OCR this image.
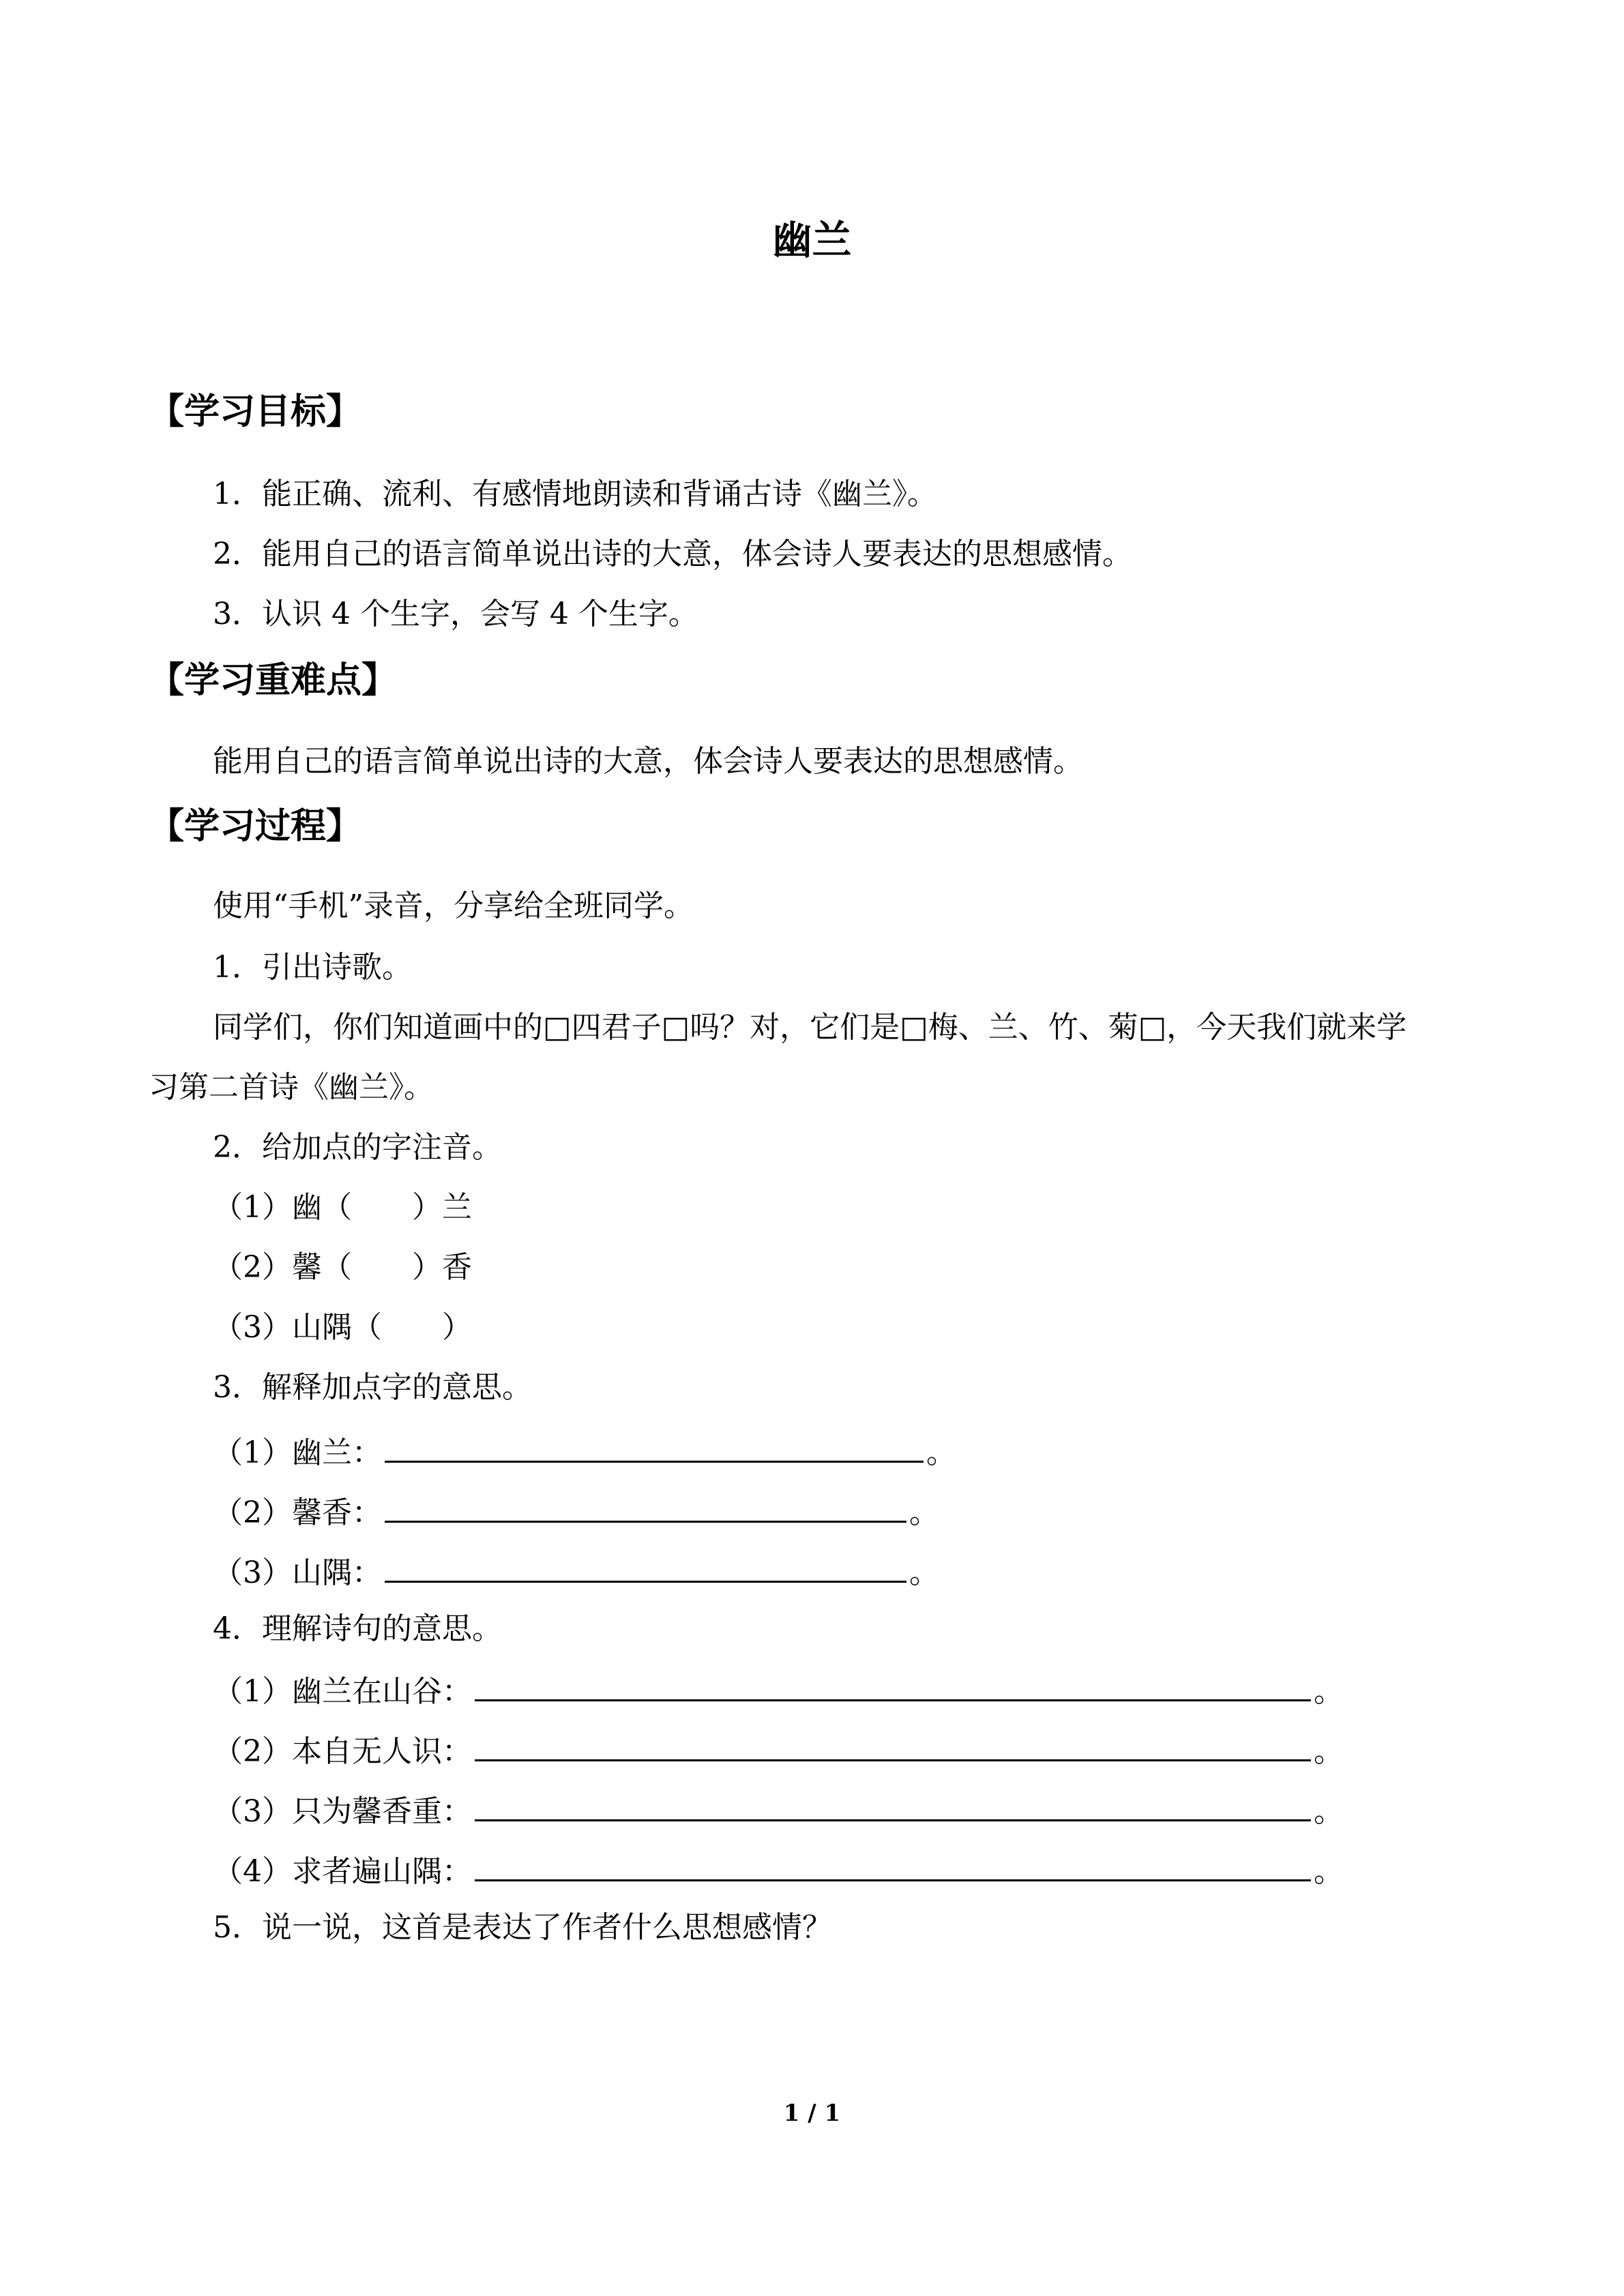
幽兰
【学习目标】
1．能正确、流利、有感情地朗读和背诵古诗《幽兰》。
2．能用自己的语言简单说出诗的大意，体会诗人要表达的思想感情。
3．认识 4 个生字，会写 4 个生字。
【学习重难点】
能用自己的语言简单说出诗的大意，体会诗人要表达的思想感情。
【学习过程】
使用“手机”录音，分享给全班同学。
1．引出诗歌。
同学们，你们知道画中的□四君子□吗？对，它们是□梅、兰、竹、菊□，今天我们就来学
习第二首诗《幽兰》。
2．给加点的字注音。
（1）幽（　　）兰
（2）馨（　　）香
（3）山隅（　　）
3．解释加点字的意思。
（1）幽兰：	。
（2）馨香：	。
（3）山隅：	。
4．理解诗句的意思。
（1）幽兰在山谷：	。
（2）本自无人识：	。
（3）只为馨香重：	。
（4）求者遍山隅：	。
5．说一说，这首是表达了作者什么思想感情？
1 / 1
